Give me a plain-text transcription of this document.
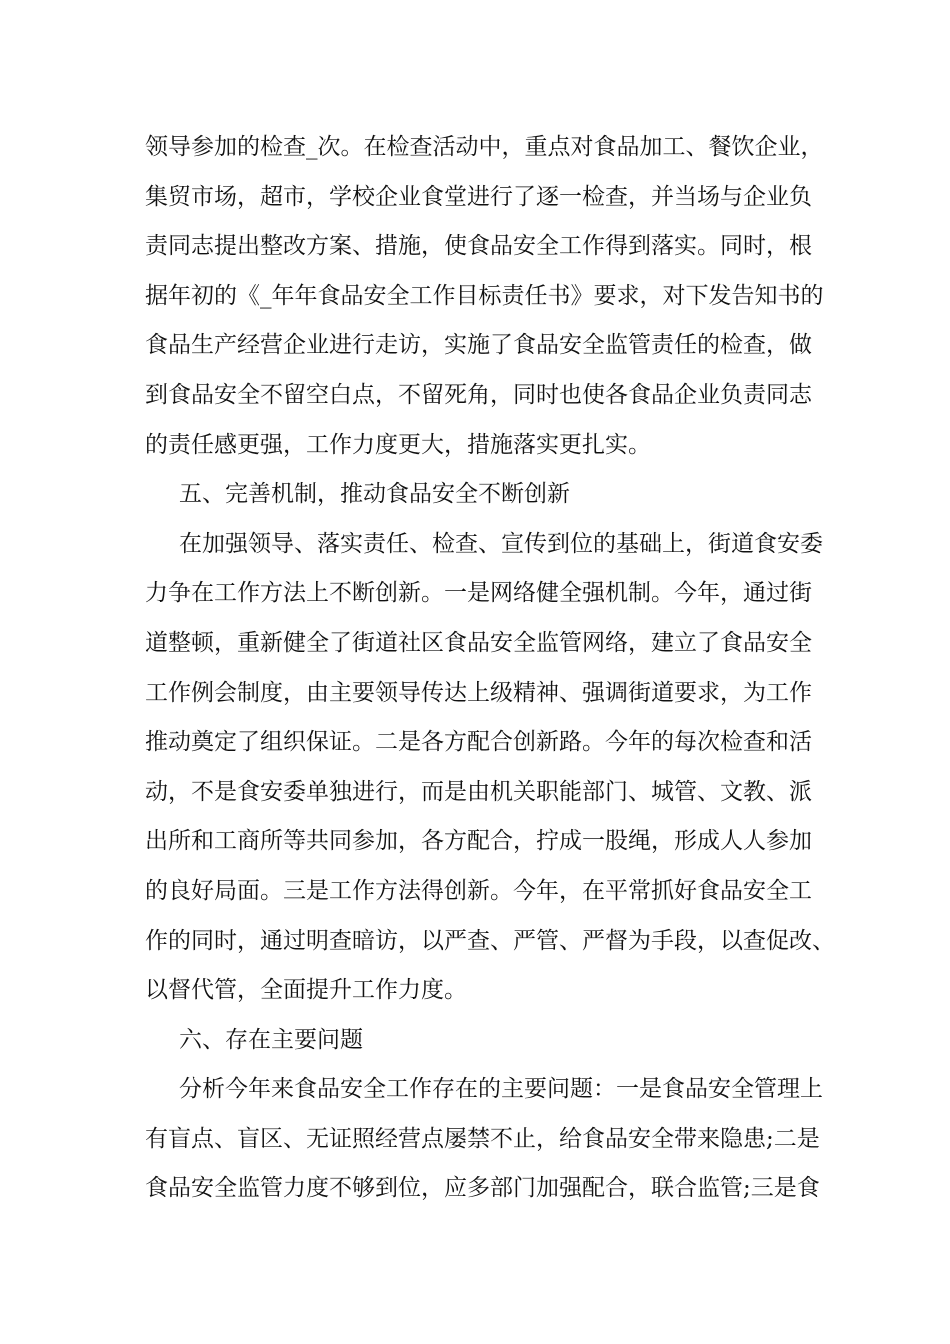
领导参加的检查_次。在检查活动中，重点对食品加工、餐饮企业，
集贸市场，超市，学校企业食堂进行了逐一检查，并当场与企业负
责同志提出整改方案、措施，使食品安全工作得到落实。同时，根
据年初的《_年年食品安全工作目标责任书》要求，对下发告知书的
食品生产经营企业进行走访，实施了食品安全监管责任的检查，做
到食品安全不留空白点，不留死角，同时也使各食品企业负责同志
的责任感更强，工作力度更大，措施落实更扎实。
五、完善机制，推动食品安全不断创新
在加强领导、落实责任、检查、宣传到位的基础上，街道食安委
力争在工作方法上不断创新。一是网络健全强机制。今年，通过街
道整顿，重新健全了街道社区食品安全监管网络，建立了食品安全
工作例会制度，由主要领导传达上级精神、强调街道要求，为工作
推动奠定了组织保证。二是各方配合创新路。今年的每次检查和活
动，不是食安委单独进行，而是由机关职能部门、城管、文教、派
出所和工商所等共同参加，各方配合，拧成一股绳，形成人人参加
的良好局面。三是工作方法得创新。今年，在平常抓好食品安全工
作的同时，通过明查暗访，以严查、严管、严督为手段，以查促改、
以督代管，全面提升工作力度。
六、存在主要问题
分析今年来食品安全工作存在的主要问题：一是食品安全管理上
有盲点、盲区、无证照经营点屡禁不止，给食品安全带来隐患;二是
食品安全监管力度不够到位，应多部门加强配合，联合监管;三是食
